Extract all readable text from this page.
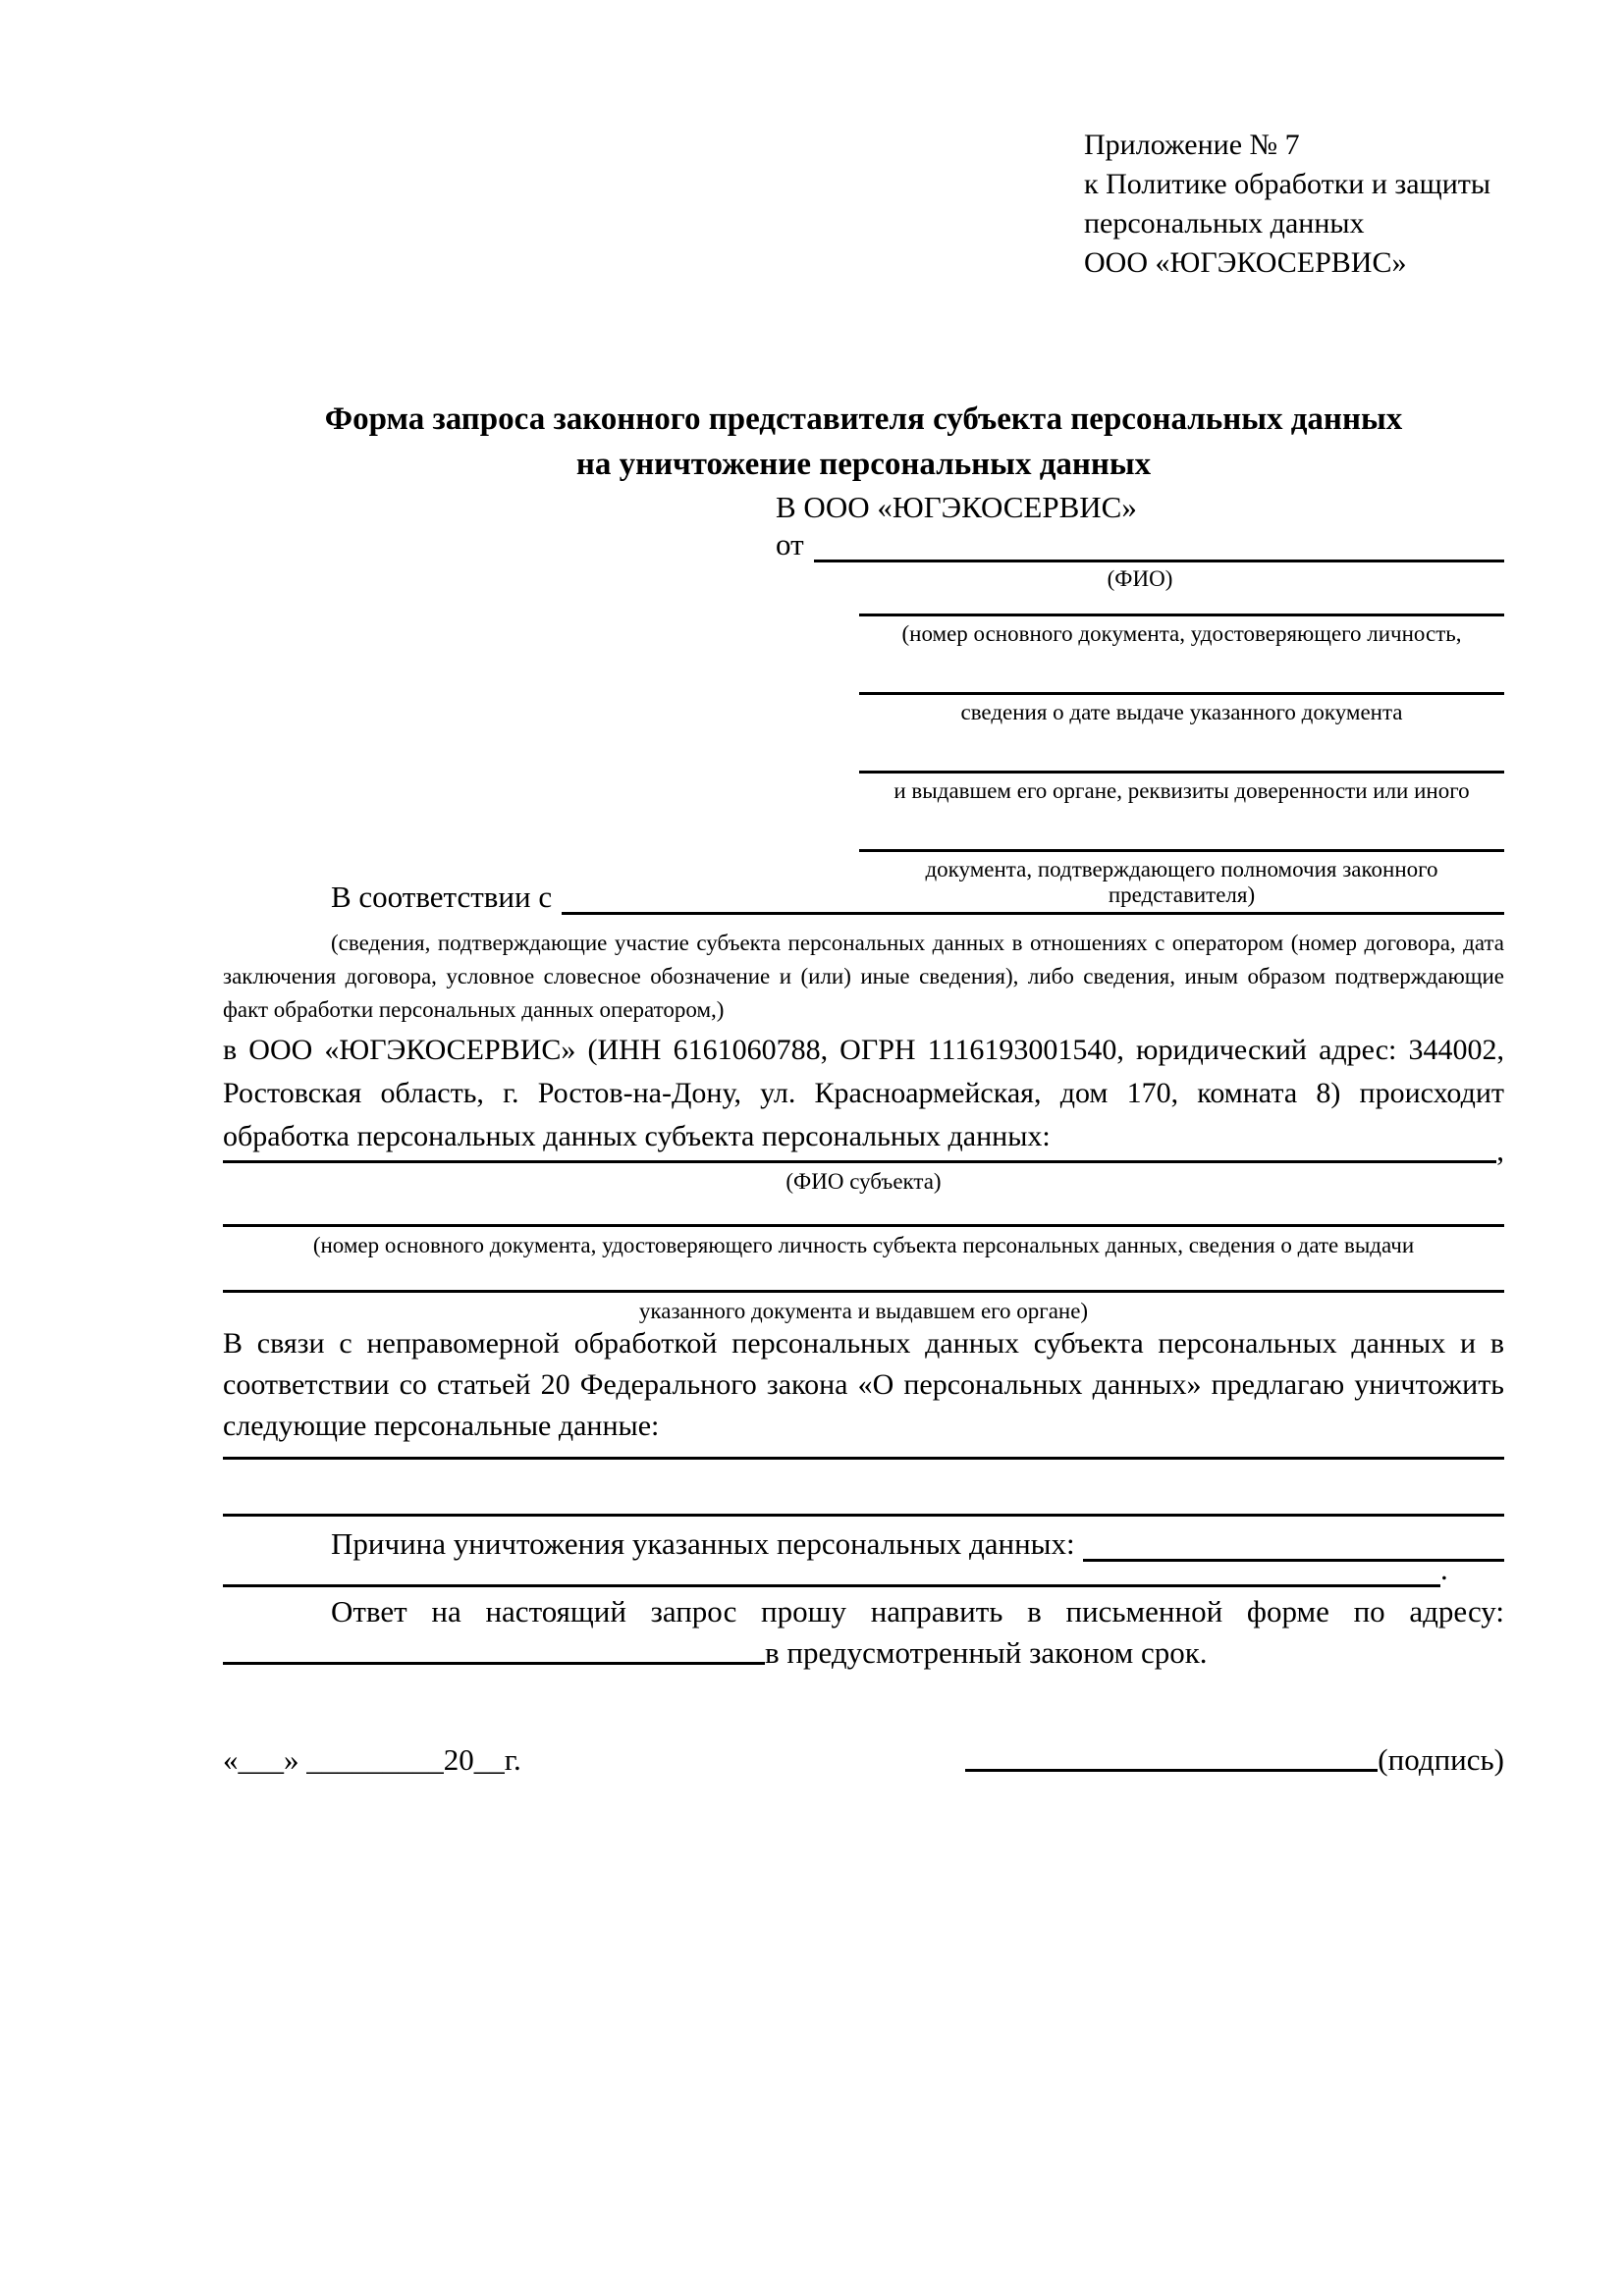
Приложение № 7
к Политике обработки и защиты
персональных данных
ООО «ЮГЭКОСЕРВИС»
Форма запроса законного представителя субъекта персональных данных
на уничтожение персональных данных
В ООО «ЮГЭКОСЕРВИС»
от
(ФИО)
(номер основного документа, удостоверяющего личность,
сведения о дате выдаче указанного документа
и выдавшем его органе, реквизиты доверенности или иного
документа, подтверждающего полномочия законного представителя)
В соответствии с
(сведения, подтверждающие участие субъекта персональных данных в отношениях с оператором (номер договора, дата заключения договора, условное словесное обозначение и (или) иные сведения), либо сведения, иным образом подтверждающие факт обработки персональных данных оператором,)
в ООО «ЮГЭКОСЕРВИС» (ИНН 6161060788, ОГРН 1116193001540, юридический адрес: 344002, Ростовская область, г. Ростов-на-Дону, ул. Красноармейская, дом 170, комната 8) происходит обработка персональных данных субъекта персональных данных:	,
(ФИО субъекта)
(номер основного документа, удостоверяющего личность субъекта персональных данных, сведения о дате выдачи
указанного документа и выдавшем его органе)
В связи с неправомерной обработкой персональных данных субъекта персональных данных и в соответствии со статьей 20 Федерального закона «О персональных данных» предлагаю уничтожить следующие персональные данные:
Причина уничтожения указанных персональных данных:
.
Ответ на настоящий запрос прошу направить в письменной форме по адресу:
в предусмотренный законом срок.
«___» _________20__г.	(подпись)
